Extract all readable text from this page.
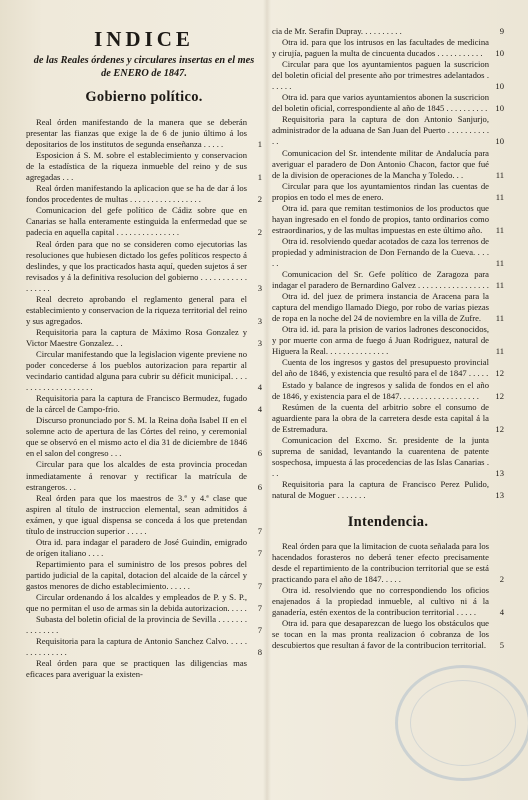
INDICE
de las Reales órdenes y circulares insertas en el mes de ENERO de 1847.
Gobierno político.

Real órden manifestando de la manera que se deberán presentar las fianzas que exige la de 6 de junio último á los depositarios de los institutos de segunda enseñanza . . . . .	1

Esposicion á S. M. sobre el establecimiento y conservacion de la estadística de la riqueza inmueble del reino y de sus agregadas . . .	1

Real órden manifestando la aplicacion que se ha de dar á los fondos procedentes de multas . . . . . . . . . . . . . . . . .	2

Comunicacion del gefe político de Cádiz sobre que en Canarias se halla enteramente estinguida la enfermedad que se padecia en aquella capital . . . . . . . . . . . . . . .	2

Real órden para que no se consideren como ejecutorias las resoluciones que hubiesen dictado los gefes políticos respecto á deslindes, y que los practicados hasta aquí, queden sujetos á ser revisados y á la definitiva resolucion del gobierno . . . . . . . . . . . . . . . . .	3

Real decreto aprobando el reglamento general para el establecimiento y conservacion de la riqueza territorial del reino y sus agregados.	3

Requisitoria para la captura de Máximo Rosa Gonzalez y Victor Maestre Gonzalez. . .	3

Circular manifestando que la legislacion vigente previene no poder concederse á los pueblos autorizacion para repartir al vecindario cantidad alguna para cubrir su déficit municipal. . . . . . . . . . . . . . . . . . . .	4

Requisitoria para la captura de Francisco Bermudez, fugado de la cárcel de Campo-frio.	4

Discurso pronunciado por S. M. la Reina doña Isabel II en el solemne acto de apertura de las Córtes del reino, y ceremonial que se observó en el mismo acto el dia 31 de diciembre de 1846 en el salon del congreso . . .	6

Circular para que los alcaldes de esta provincia procedan inmediatamente á renovar y rectificar la matrícula de estrangeros. . .	6

Real órden para que los maestros de 3.ª y 4.ª clase que aspiren al título de instruccion elemental, sean admitidos á exámen, y que igual dispensa se conceda á los que pretendan título de instruccion superior . . . . .	7

Otra id. para indagar el paradero de José Guindin, emigrado de orígen italiano . . . .	7

Repartimiento para el suministro de los presos pobres del partido judicial de la capital, dotacion del alcaide de la cárcel y gastos menores de dicho establecimiento. . . . . .	7

Circular ordenando á los alcaldes y empleados de P. y S. P., que no permitan el uso de armas sin la debida autorizacion. . . . .	7

Subasta del boletin oficial de la provincia de Sevilla . . . . . . . . . . . . . . .	7

Requisitoria para la captura de Antonio Sanchez Calvo. . . . . . . . . . . . . . .	8

Real órden para que se practiquen las diligencias mas eficaces para averiguar la existen-

cia de Mr. Serafin Dupray. . . . . . . . . .	9

Otra id. para que los intrusos en las facultades de medicina y cirujía, paguen la multa de cincuenta ducados . . . . . . . . . . .	10

Circular para que los ayuntamientos paguen la suscricion del boletin oficial del presente año por trimestres adelantados . . . . . .	10

Otra id. para que varios ayuntamientos abonen la suscricion del boletin oficial, correspondiente al año de 1845 . . . . . . . . . . 10

Requisitoria para la captura de don Antonio Sanjurjo, administrador de la aduana de San Juan del Puerto . . . . . . . . . . . .	10

Comunicacion del Sr. intendente militar de Andalucía para averiguar el paradero de Don Antonio Chacon, factor que fué de la division de operaciones de la Mancha y Toledo. . .	11

Circular para que los ayuntamientos rindan las cuentas de propios en todo el mes de enero.	11

Otra id. para que remitan testimonios de los productos que hayan ingresado en el fondo de propios, tanto ordinarios como estraordinarios, y de las multas impuestas en este último año.	11

Otra id. resolviendo quedar acotados de caza los terrenos de propiedad y administracion de Don Fernando de la Cueva. . . . . .	11

Comunicacion del Sr. Gefe político de Zaragoza para indagar el paradero de Bernardino Galvez . . . . . . . . . . . . . . . . . 11

Otra id. del juez de primera instancia de Aracena para la captura del mendigo llamado Diego, por robo de varias piezas de ropa en la noche del 24 de noviembre en la villa de Zufre.	11

Otra id. id. para la prision de varios ladrones desconocidos, y por muerte con arma de fuego á Juan Rodriguez, natural de Higuera la Real. . . . . . . . . . . . . . .	11

Cuenta de los ingresos y gastos del presupuesto provincial del año de 1846, y existencia que resultó para el de 1847 . . . . . 12

Estado y balance de ingresos y salida de fondos en el año de 1846, y existencia para el de 1847. . . . . . . . . . . . . . . . . . .	12

Resúmen de la cuenta del arbitrio sobre el consumo de aguardiente para la obra de la carretera desde esta capital á la de Estremadura.	12

Comunicacion del Excmo. Sr. presidente de la junta suprema de sanidad, levantando la cuarentena de patente sospechosa, impuesta á las procedencias de las Islas Canarias . . .	13

Requisitoria para la captura de Francisco Perez Pulido, natural de Moguer . . . . . . .	13

Intendencia.

Real órden para que la limitacion de cuota señalada para los hacendados forasteros no deberá tener efecto precisamente desde el repartimiento de la contribucion territorial que se está practicando para el año de 1847. . . . .	2

Otra id. resolviendo que no correspondiendo los oficios enajenados á la propiedad inmueble, al cultivo ni á la ganadería, estén exentos de la contribucion territorial . . . . .	4

Otra id. para que desaparezcan de luego los obstáculos que se tocan en la mas pronta realizacion ó cobranza de los descubiertos que resultan á favor de la contribucion territorial.	5
